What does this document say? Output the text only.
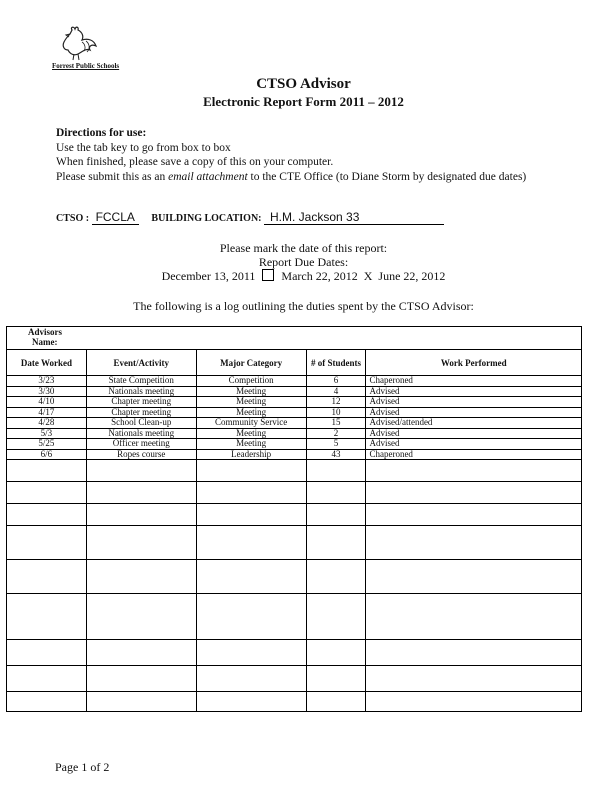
Forrest Public Schools
CTSO Advisor
Electronic Report Form 2011 – 2012
Directions for use:
Use the tab key to go from box to box
When finished, please save a copy of this on your computer.
Please submit this as an email attachment to the CTE Office (to Diane Storm by designated due dates)
CTSO : FCCLA BUILDING LOCATION: H.M. Jackson 33
Please mark the date of this report:
Report Due Dates:
December 13, 2011 March 22, 2012 X June 22, 2012
The following is a log outlining the duties spent by the CTSO Advisor:
Advisors
Name:				

Date Worked	Event/Activity	Major Category	# of Students	Work Performed
3/23	State Competition	Competition	6	Chaperoned
3/30	Nationals meeting	Meeting	4	Advised
4/10	Chapter meeting	Meeting	12	Advised
4/17	Chapter meeting	Meeting	10	Advised
4/28	School Clean-up	Community Service	15	Advised/attended
5/3	Nationals meeting	Meeting	2	Advised
5/25	Officer meeting	Meeting	5	Advised
6/6	Ropes course	Leadership	43	Chaperoned

Page 1 of 2
